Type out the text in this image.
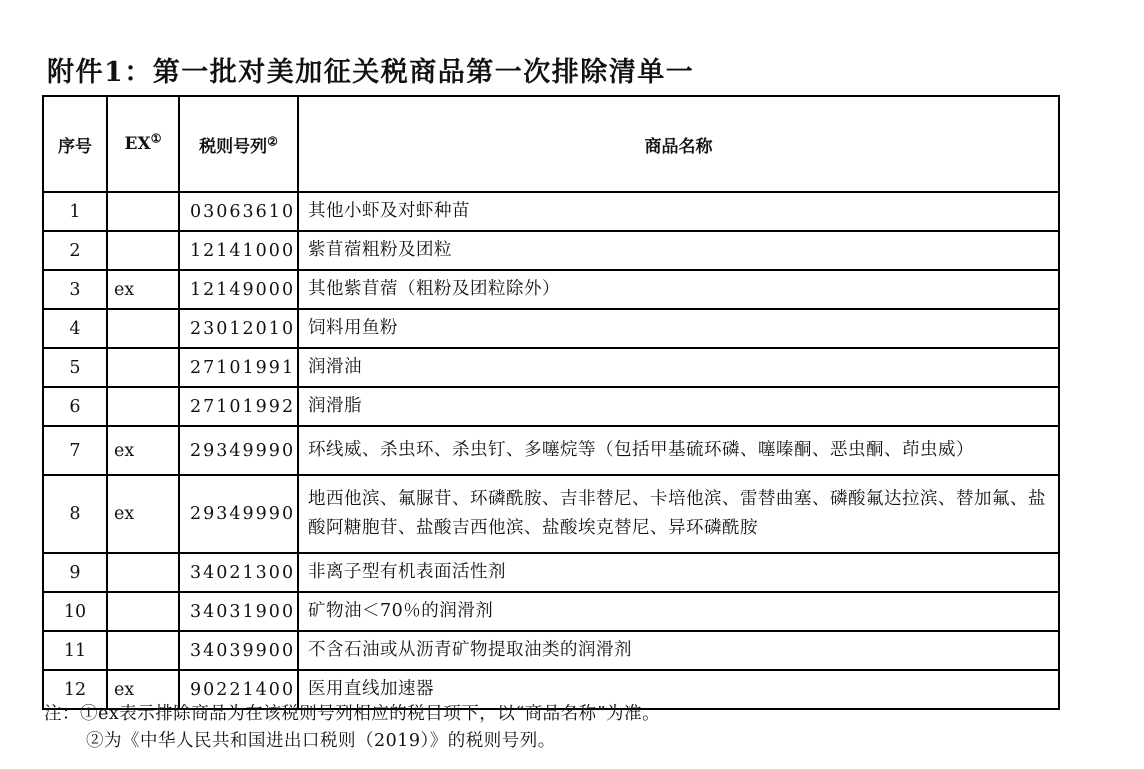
附件1：第一批对美加征关税商品第一次排除清单一
序号	EX①	税则号列②	商品名称
1		03063610	其他小虾及对虾种苗
2		12141000	紫苜蓿粗粉及团粒
3	ex	12149000	其他紫苜蓿（粗粉及团粒除外）
4		23012010	饲料用鱼粉
5		27101991	润滑油
6		27101992	润滑脂
7	ex	29349990	环线威、杀虫环、杀虫钉、多噻烷等（包括甲基硫环磷、噻嗪酮、恶虫酮、茚虫威）
8	ex	29349990	地西他滨、氟脲苷、环磷酰胺、吉非替尼、卡培他滨、雷替曲塞、磷酸氟达拉滨、替加氟、盐酸阿糖胞苷、盐酸吉西他滨、盐酸埃克替尼、异环磷酰胺
9		34021300	非离子型有机表面活性剂
10		34031900	矿物油＜70％的润滑剂
11		34039900	不含石油或从沥青矿物提取油类的润滑剂
12	ex	90221400	医用直线加速器
注：①ex表示排除商品为在该税则号列相应的税目项下，以“商品名称”为准。
②为《中华人民共和国进出口税则（2019）》的税则号列。
